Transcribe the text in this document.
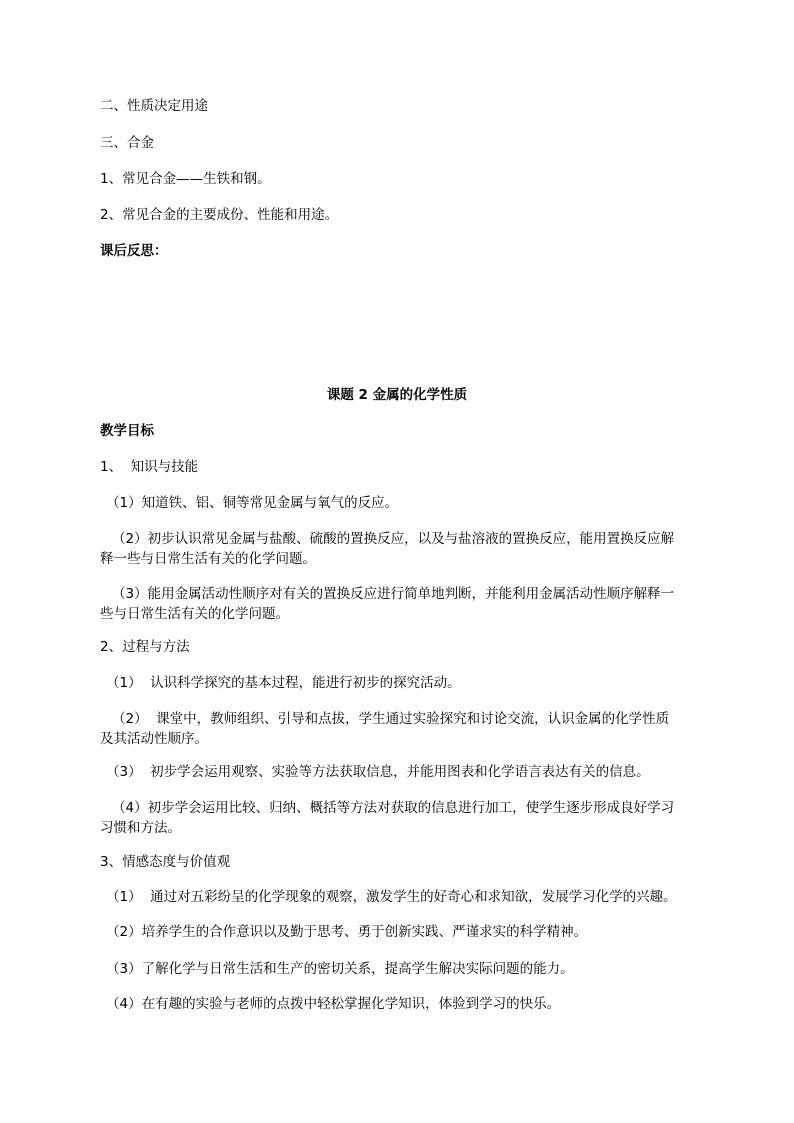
二、性质决定用途

三、合金

1、常见合金——生铁和钢。

2、常见合金的主要成份、性能和用途。

课后反思：

课题 2 金属的化学性质

教学目标

1、  知识与技能

（1）知道铁、铝、铜等常见金属与氧气的反应。

（2）初步认识常见金属与盐酸、硫酸的置换反应，以及与盐溶液的置换反应，能用置换反应解释一些与日常生活有关的化学问题。

（3）能用金属活动性顺序对有关的置换反应进行简单地判断，并能利用金属活动性顺序解释一些与日常生活有关的化学问题。

2、过程与方法

（1）  认识科学探究的基本过程，能进行初步的探究活动。

（2）  课堂中，教师组织、引导和点拔，学生通过实验探究和讨论交流，认识金属的化学性质及其活动性顺序。

（3）  初步学会运用观察、实验等方法获取信息，并能用图表和化学语言表达有关的信息。

（4）初步学会运用比较、归纳、概括等方法对获取的信息进行加工，使学生逐步形成良好学习习惯和方法。

3、情感态度与价值观

（1）  通过对五彩纷呈的化学现象的观察，激发学生的好奇心和求知欲，发展学习化学的兴趣。

（2）培养学生的合作意识以及勤于思考、勇于创新实践、严谨求实的科学精神。

（3）了解化学与日常生活和生产的密切关系，提高学生解决实际问题的能力。

（4）在有趣的实验与老师的点拨中轻松掌握化学知识，体验到学习的快乐。
